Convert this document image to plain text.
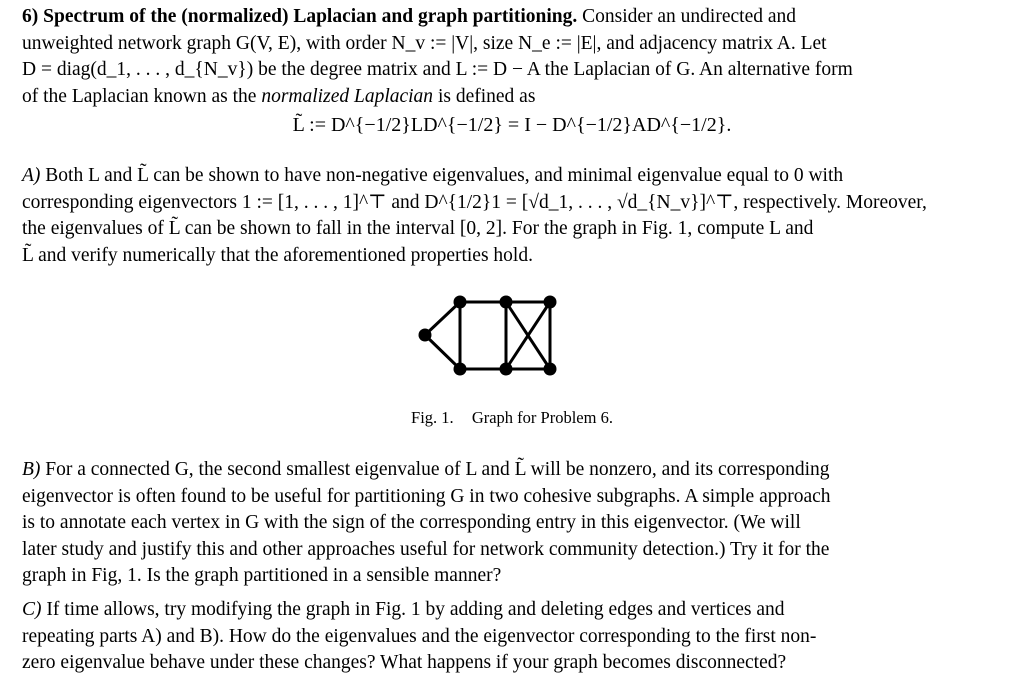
6) Spectrum of the (normalized) Laplacian and graph partitioning. Consider an undirected and
unweighted network graph G(V, E), with order N_v := |V|, size N_e := |E|, and adjacency matrix A. Let
D = diag(d_1, . . . , d_{N_v}) be the degree matrix and L := D − A the Laplacian of G. An alternative form
of the Laplacian known as the normalized Laplacian is defined as
L̃ := D^{−1/2}LD^{−1/2} = I − D^{−1/2}AD^{−1/2}.
A) Both L and L̃ can be shown to have non-negative eigenvalues, and minimal eigenvalue equal to 0 with
corresponding eigenvectors 1 := [1, . . . , 1]^⊤ and D^{1/2}1 = [√d_1, . . . , √d_{N_v}]^⊤, respectively. Moreover,
the eigenvalues of L̃ can be shown to fall in the interval [0, 2]. For the graph in Fig. 1, compute L and
L̃ and verify numerically that the aforementioned properties hold.
Fig. 1. Graph for Problem 6.
B) For a connected G, the second smallest eigenvalue of L and L̃ will be nonzero, and its corresponding
eigenvector is often found to be useful for partitioning G in two cohesive subgraphs. A simple approach
is to annotate each vertex in G with the sign of the corresponding entry in this eigenvector. (We will
later study and justify this and other approaches useful for network community detection.) Try it for the
graph in Fig, 1. Is the graph partitioned in a sensible manner?
C) If time allows, try modifying the graph in Fig. 1 by adding and deleting edges and vertices and
repeating parts A) and B). How do the eigenvalues and the eigenvector corresponding to the first non-
zero eigenvalue behave under these changes? What happens if your graph becomes disconnected?
